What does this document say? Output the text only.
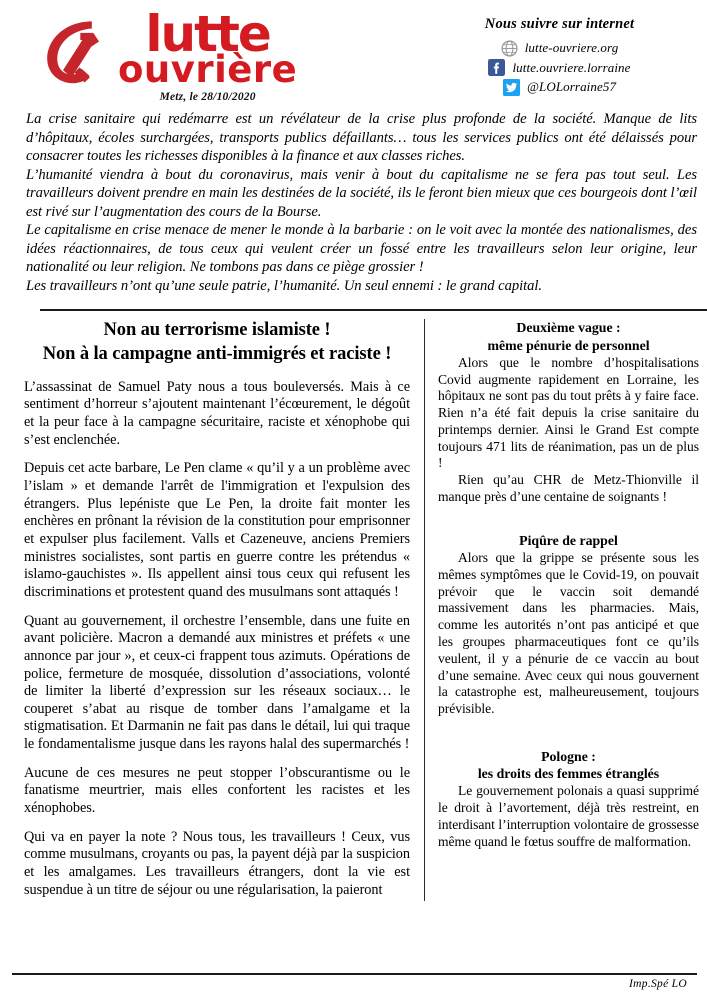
lutte
ouvrière
Metz, le 28/10/2020
Nous suivre sur internet
lutte-ouvriere.org
lutte.ouvriere.lorraine
@LOLorraine57

La crise sanitaire qui redémarre est un révélateur de la crise plus profonde de la société. Manque de lits d’hôpitaux, écoles surchargées, transports publics défaillants… tous les services publics ont été délaissés pour consacrer toutes les richesses disponibles à la finance et aux classes riches.

L’humanité viendra à bout du coronavirus, mais venir à bout du capitalisme ne se fera pas tout seul. Les travailleurs doivent prendre en main les destinées de la société, ils le feront bien mieux que ces bourgeois dont l’œil est rivé sur l’augmentation des cours de la Bourse.

Le capitalisme en crise menace de mener le monde à la barbarie : on le voit avec la montée des nationalismes, des idées réactionnaires, de tous ceux qui veulent créer un fossé entre les travailleurs selon leur origine, leur nationalité ou leur religion. Ne tombons pas dans ce piège grossier !

Les travailleurs n’ont qu’une seule patrie, l’humanité. Un seul ennemi : le grand capital.

Non au terrorisme islamiste !
Non à la campagne anti-immigrés et raciste !

L’assassinat de Samuel Paty nous a tous bouleversés. Mais à ce sentiment d’horreur s’ajoutent maintenant l’écœurement, le dégoût et la peur face à la campagne sécuritaire, raciste et xénophobe qui s’est enclenchée.

Depuis cet acte barbare, Le Pen clame « qu’il y a un problème avec l’islam » et demande l'arrêt de l'immigration et l'expulsion des étrangers. Plus lepéniste que Le Pen, la droite fait monter les enchères en prônant la révision de la constitution pour emprisonner et expulser plus facilement. Valls et Cazeneuve, anciens Premiers ministres socialistes, sont partis en guerre contre les prétendus « islamo-gauchistes ». Ils appellent ainsi tous ceux qui refusent les discriminations et protestent quand des musulmans sont attaqués !

Quant au gouvernement, il orchestre l’ensemble, dans une fuite en avant policière. Macron a demandé aux ministres et préfets « une annonce par jour », et ceux-ci frappent tous azimuts. Opérations de police, fermeture de mosquée, dissolution d’associations, volonté de limiter la liberté d’expression sur les réseaux sociaux… le couperet s’abat au risque de tomber dans l’amalgame et la stigmatisation. Et Darmanin ne fait pas dans le détail, lui qui traque le fondamentalisme jusque dans les rayons halal des supermarchés !

Aucune de ces mesures ne peut stopper l’obscurantisme ou le fanatisme meurtrier, mais elles confortent les racistes et les xénophobes.

Qui va en payer la note ? Nous tous, les travailleurs ! Ceux, vus comme musulmans, croyants ou pas, la payent déjà par la suspicion et les amalgames. Les travailleurs étrangers, dont la vie est suspendue à un titre de séjour ou une régularisation, la paieront

Deuxième vague :
même pénurie de personnel

Alors que le nombre d’hospitalisations Covid augmente rapidement en Lorraine, les hôpitaux ne sont pas du tout prêts à y faire face. Rien n’a été fait depuis la crise sanitaire du printemps dernier. Ainsi le Grand Est compte toujours 471 lits de réanimation, pas un de plus !

Rien qu’au CHR de Metz-Thionville il manque près d’une centaine de soignants !

Piqûre de rappel

Alors que la grippe se présente sous les mêmes symptômes que le Covid-19, on pouvait prévoir que le vaccin soit demandé massivement dans les pharmacies. Mais, comme les autorités n’ont pas anticipé et que les groupes pharmaceutiques font ce qu’ils veulent, il y a pénurie de ce vaccin au bout d’une semaine. Avec ceux qui nous gouvernent la catastrophe est, malheureusement, toujours prévisible.

Pologne :
les droits des femmes étranglés

Le gouvernement polonais a quasi supprimé le droit à l’avortement, déjà très restreint, en interdisant l’interruption volontaire de grossesse même quand le fœtus souffre de malformation.

Imp.Spé LO
